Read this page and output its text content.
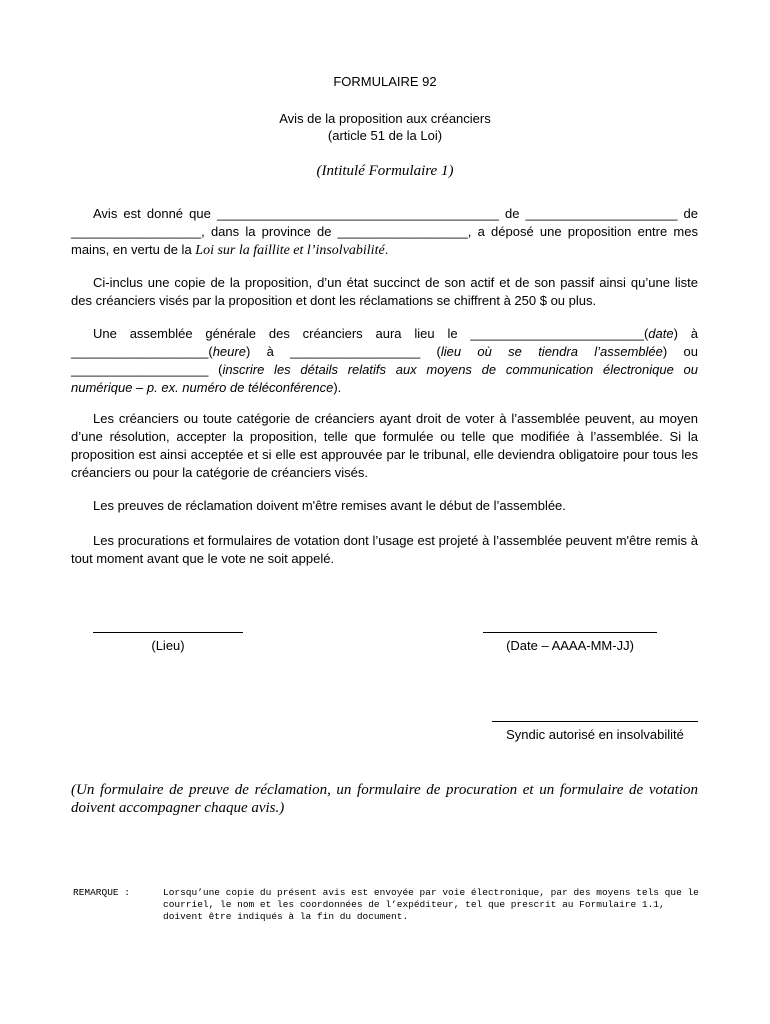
FORMULAIRE 92
Avis de la proposition aux créanciers
(article 51 de la Loi)
(Intitulé Formulaire 1)
Avis est donné que _______________________________________ de _____________________ de __________________, dans la province de __________________, a déposé une proposition entre mes mains, en vertu de la Loi sur la faillite et l’insolvabilité.
Ci-inclus une copie de la proposition, d’un état succinct de son actif et de son passif ainsi qu’une liste des créanciers visés par la proposition et dont les réclamations se chiffrent à 250 $ ou plus.
Une assemblée générale des créanciers aura lieu le ________________________(date) à ___________________(heure) à __________________ (lieu où se tiendra l’assemblée) ou ___________________ (inscrire les détails relatifs aux moyens de communication électronique ou numérique – p. ex. numéro de téléconférence).
Les créanciers ou toute catégorie de créanciers ayant droit de voter à l’assemblée peuvent, au moyen d’une résolution, accepter la proposition, telle que formulée ou telle que modifiée à l’assemblée. Si la proposition est ainsi acceptée et si elle est approuvée par le tribunal, elle deviendra obligatoire pour tous les créanciers ou pour la catégorie de créanciers visés.
Les preuves de réclamation doivent m'être remises avant le début de l’assemblée.
Les procurations et formulaires de votation dont l’usage est projeté à l’assemblée peuvent m'être remis à tout moment avant que le vote ne soit appelé.
(Lieu)	(Date – AAAA-MM-JJ)
Syndic autorisé en insolvabilité
(Un formulaire de preuve de réclamation, un formulaire de procuration et un formulaire de votation doivent accompagner chaque avis.)
REMARQUE :	Lorsqu’une copie du présent avis est envoyée par voie électronique, par des moyens tels que le courriel, le nom et les coordonnées de l’expéditeur, tel que prescrit au Formulaire 1.1, doivent être indiqués à la fin du document.
